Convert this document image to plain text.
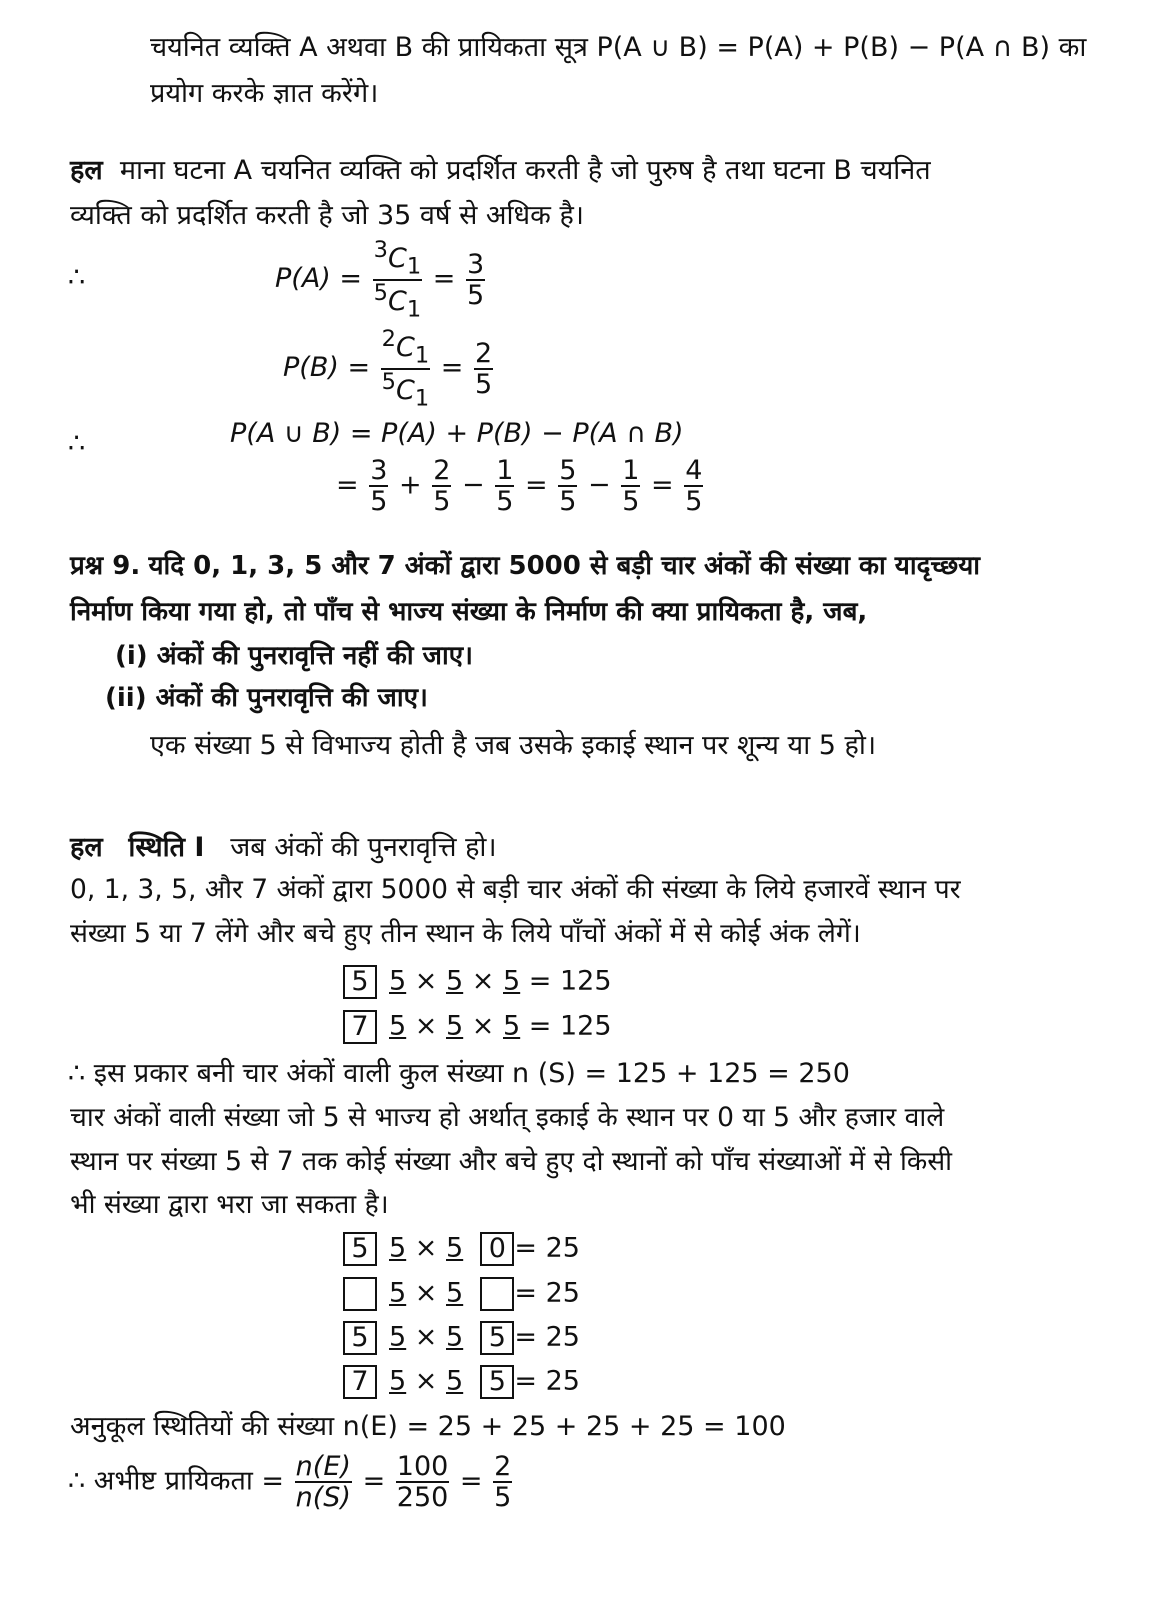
चयनित व्यक्ति A अथवा B की प्रायिकता सूत्र P(A ∪ B) = P(A) + P(B) − P(A ∩ B) का
प्रयोग करके ज्ञात करेंगे।
हल माना घटना A चयनित व्यक्ति को प्रदर्शित करती है जो पुरुष है तथा घटना B चयनित
व्यक्ति को प्रदर्शित करती है जो 35 वर्ष से अधिक है।
∴	$P(A) = \frac{^3C_1}{^5C_1} = \frac{3}{5}$
$P(B) = \frac{^2C_1}{^5C_1} = \frac{2}{5}$
∴	P(A ∪ B) = P(A) + P(B) − P(A ∩ B)
= $\frac{3}{5} + \frac{2}{5} - \frac{1}{5} = \frac{5}{5} - \frac{1}{5} = \frac{4}{5}$
प्रश्न 9. यदि 0, 1, 3, 5 और 7 अंकों द्वारा 5000 से बड़ी चार अंकों की संख्या का यादृच्छया
निर्माण किया गया हो, तो पाँच से भाज्य संख्या के निर्माण की क्या प्रायिकता है, जब,
(i) अंकों की पुनरावृत्ति नहीं की जाए।
(ii) अंकों की पुनरावृत्ति की जाए।
एक संख्या 5 से विभाज्य होती है जब उसके इकाई स्थान पर शून्य या 5 हो।
हल स्थिति I जब अंकों की पुनरावृत्ति हो।
0, 1, 3, 5, और 7 अंकों द्वारा 5000 से बड़ी चार अंकों की संख्या के लिये हजारवें स्थान पर
संख्या 5 या 7 लेंगे और बचे हुए तीन स्थान के लिये पाँचों अंकों में से कोई अंक लेगें।
5 5 × 5 × 5 = 125
7 5 × 5 × 5 = 125
∴ इस प्रकार बनी चार अंकों वाली कुल संख्या n (S) = 125 + 125 = 250
चार अंकों वाली संख्या जो 5 से भाज्य हो अर्थात् इकाई के स्थान पर 0 या 5 और हजार वाले
स्थान पर संख्या 5 से 7 तक कोई संख्या और बचे हुए दो स्थानों को पाँच संख्याओं में से किसी
भी संख्या द्वारा भरा जा सकता है।
5 5 × 5 0 = 25
5 × 5 = 25
5 5 × 5 5 = 25
7 5 × 5 5 = 25
अनुकूल स्थितियों की संख्या n(E) = 25 + 25 + 25 + 25 = 100
∴ अभीष्ट प्रायिकता = $\frac{n(E)}{n(S)} = \frac{100}{250} = \frac{2}{5}$
